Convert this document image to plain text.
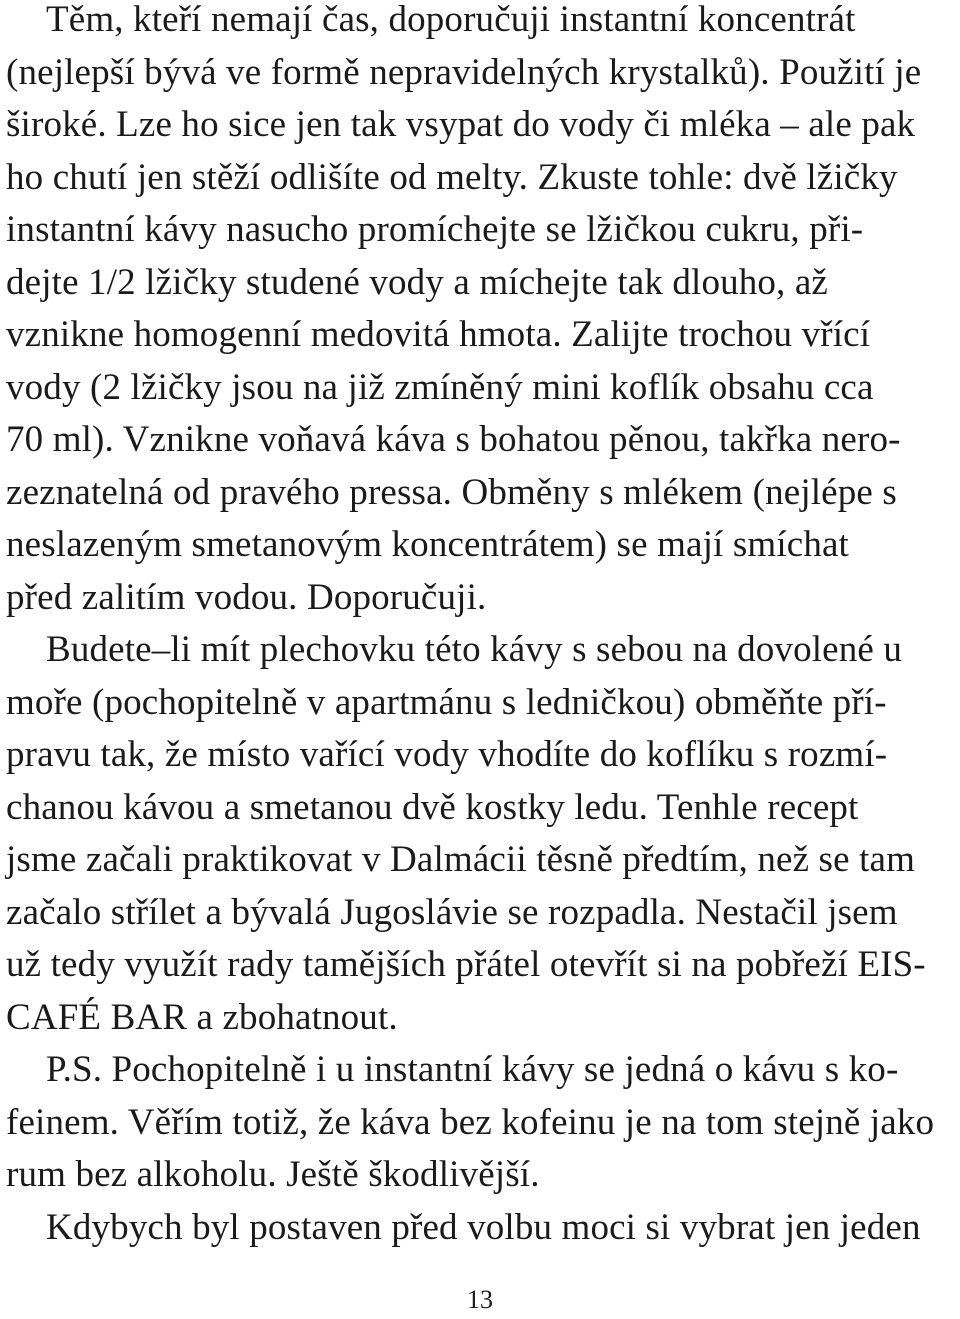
Těm, kteří nemají čas, doporučuji instantní koncentrát
(nejlepší bývá ve formě nepravidelných krystalků). Použití je
široké. Lze ho sice jen tak vsypat do vody či mléka – ale pak
ho chutí jen stěží odlišíte od melty. Zkuste tohle: dvě lžičky
instantní kávy nasucho promíchejte se lžičkou cukru, při-
dejte 1/2 lžičky studené vody a míchejte tak dlouho, až
vznikne homogenní medovitá hmota. Zalijte trochou vřící
vody (2 lžičky jsou na již zmíněný mini koflík obsahu cca
70 ml). Vznikne voňavá káva s bohatou pěnou, takřka nero-
zeznatelná od pravého pressa. Obměny s mlékem (nejlépe s
neslazeným smetanovým koncentrátem) se mají smíchat
před zalitím vodou. Doporučuji.
Budete–li mít plechovku této kávy s sebou na dovolené u
moře (pochopitelně v apartmánu s ledničkou) obměňte pří-
pravu tak, že místo vařící vody vhodíte do koflíku s rozmí-
chanou kávou a smetanou dvě kostky ledu. Tenhle recept
jsme začali praktikovat v Dalmácii těsně předtím, než se tam
začalo střílet a bývalá Jugoslávie se rozpadla. Nestačil jsem
už tedy využít rady tamějších přátel otevřít si na pobřeží EIS-
CAFÉ BAR a zbohatnout.
P.S. Pochopitelně i u instantní kávy se jedná o kávu s ko-
feinem. Věřím totiž, že káva bez kofeinu je na tom stejně jako
rum bez alkoholu. Ještě škodlivější.
Kdybych byl postaven před volbu moci si vybrat jen jeden
13
